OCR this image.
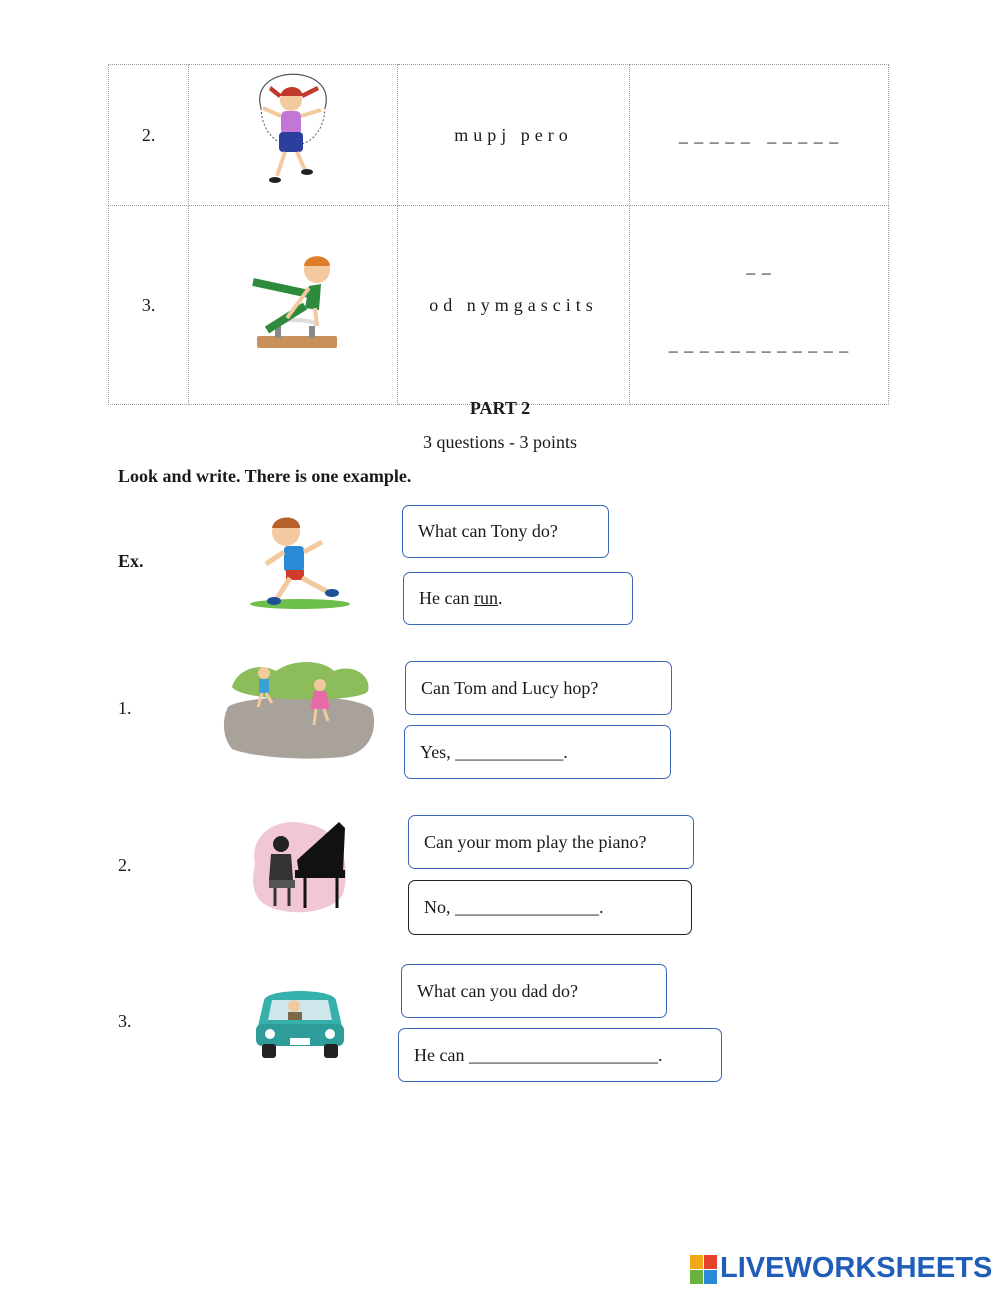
2.		mupj pero	_ _ _ _ _   _ _ _ _ _
3.		od nymgascits	_ _

_ _ _ _ _ _ _ _ _ _ _ _

PART 2
3 questions - 3 points
Look and write. There is one example.
Ex.
What can Tony do?
He can run.
1.
Can Tom and Lucy hop?
Yes, ____________.
2.
Can your mom play the piano?
No, ________________.
3.
What can you dad do?
He can _____________________.
LIVEWORKSHEETS
